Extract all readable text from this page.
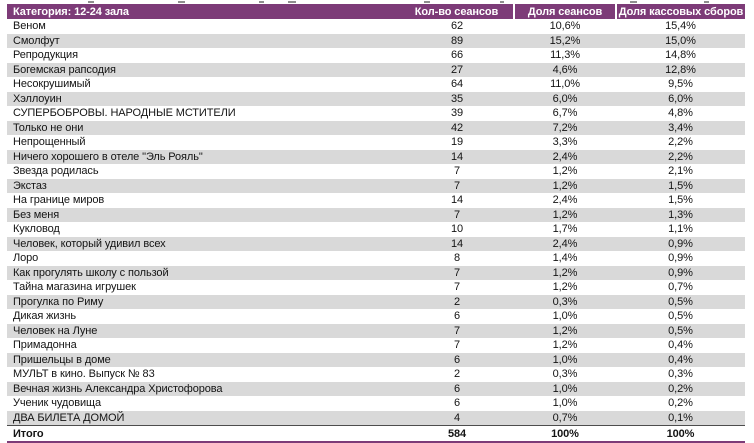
Категория: 12-24 зала	Кол-во сеансов	Доля сеансов	Доля кассовых сборов
Веном	62	10,6%	15,4%
Смолфут	89	15,2%	15,0%
Репродукция	66	11,3%	14,8%
Богемская рапсодия	27	4,6%	12,8%
Несокрушимый	64	11,0%	9,5%
Хэллоуин	35	6,0%	6,0%
СУПЕРБОБРОВЫ. НАРОДНЫЕ МСТИТЕЛИ	39	6,7%	4,8%
Только не они	42	7,2%	3,4%
Непрощенный	19	3,3%	2,2%
Ничего хорошего в отеле "Эль Рояль"	14	2,4%	2,2%
Звезда родилась	7	1,2%	2,1%
Экстаз	7	1,2%	1,5%
На границе миров	14	2,4%	1,5%
Без меня	7	1,2%	1,3%
Кукловод	10	1,7%	1,1%
Человек, который удивил всех	14	2,4%	0,9%
Лоро	8	1,4%	0,9%
Как прогулять школу с пользой	7	1,2%	0,9%
Тайна магазина игрушек	7	1,2%	0,7%
Прогулка по Риму	2	0,3%	0,5%
Дикая жизнь	6	1,0%	0,5%
Человек на Луне	7	1,2%	0,5%
Примадонна	7	1,2%	0,4%
Пришельцы в доме	6	1,0%	0,4%
МУЛЬТ в кино. Выпуск № 83	2	0,3%	0,3%
Вечная жизнь Александра Христофорова	6	1,0%	0,2%
Ученик чудовища	6	1,0%	0,2%
ДВА БИЛЕТА ДОМОЙ	4	0,7%	0,1%
Итого	584	100%	100%
